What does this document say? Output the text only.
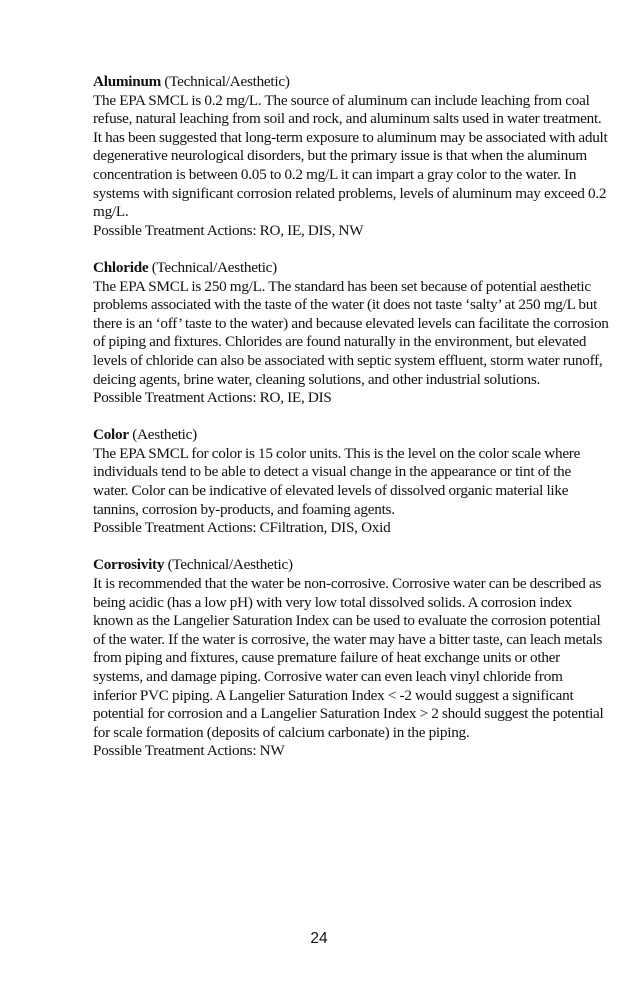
Aluminum (Technical/Aesthetic)

The EPA SMCL is 0.2 mg/L. The source of aluminum can include leaching from coal refuse, natural leaching from soil and rock, and aluminum salts used in water treatment. It has been suggested that long-term exposure to aluminum may be associated with adult degenerative neurological disorders, but the primary issue is that when the aluminum concentration is between 0.05 to 0.2 mg/L it can impart a gray color to the water. In systems with significant corrosion related problems, levels of aluminum may exceed 0.2 mg/L.

Possible Treatment Actions: RO, IE, DIS, NW

Chloride (Technical/Aesthetic)

The EPA SMCL is 250 mg/L. The standard has been set because of potential aesthetic problems associated with the taste of the water (it does not taste ‘salty’ at 250 mg/L but there is an ‘off’ taste to the water) and because elevated levels can facilitate the corrosion of piping and fixtures. Chlorides are found naturally in the environment, but elevated levels of chloride can also be associated with septic system effluent, storm water runoff, deicing agents, brine water, cleaning solutions, and other industrial solutions.

Possible Treatment Actions: RO, IE, DIS

Color (Aesthetic)

The EPA SMCL for color is 15 color units. This is the level on the color scale where individuals tend to be able to detect a visual change in the appearance or tint of the water. Color can be indicative of elevated levels of dissolved organic material like tannins, corrosion by-products, and foaming agents.

Possible Treatment Actions: CFiltration, DIS, Oxid

Corrosivity (Technical/Aesthetic)

It is recommended that the water be non-corrosive. Corrosive water can be described as being acidic (has a low pH) with very low total dissolved solids. A corrosion index known as the Langelier Saturation Index can be used to evaluate the corrosion potential of the water. If the water is corrosive, the water may have a bitter taste, can leach metals from piping and fixtures, cause premature failure of heat exchange units or other systems, and damage piping. Corrosive water can even leach vinyl chloride from inferior PVC piping. A Langelier Saturation Index < -2 would suggest a significant potential for corrosion and a Langelier Saturation Index > 2 should suggest the potential for scale formation (deposits of calcium carbonate) in the piping.

Possible Treatment Actions: NW

24
